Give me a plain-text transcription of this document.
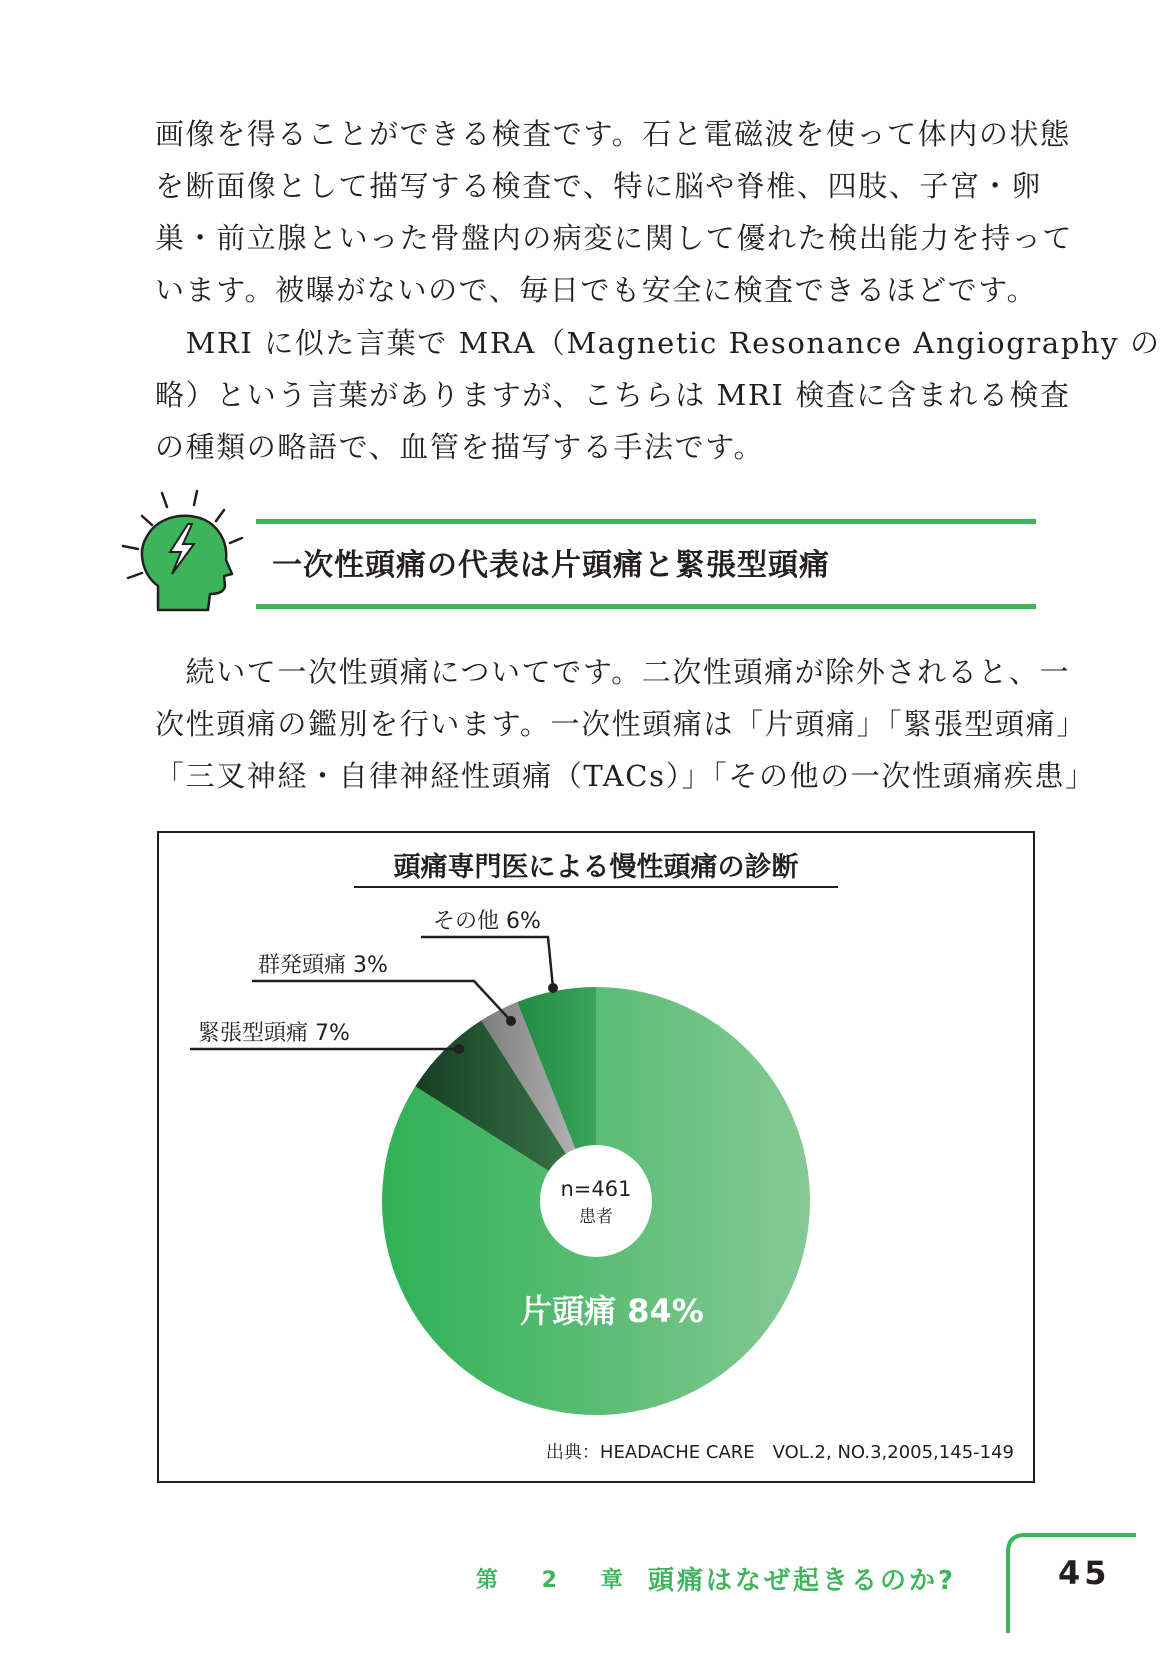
画像を得ることができる検査です。石と電磁波を使って体内の状態
を断面像として描写する検査で、特に脳や脊椎、四肢、子宮・卵
巣・前立腺といった骨盤内の病変に関して優れた検出能力を持って
います。被曝がないので、毎日でも安全に検査できるほどです。
　MRI に似た言葉で MRA（Magnetic Resonance Angiography の
略）という言葉がありますが、こちらは MRI 検査に含まれる検査
の種類の略語で、血管を描写する手法です。
一次性頭痛の代表は片頭痛と緊張型頭痛
　続いて一次性頭痛についてです。二次性頭痛が除外されると、一
次性頭痛の鑑別を行います。一次性頭痛は「片頭痛」「緊張型頭痛」
「三叉神経・自律神経性頭痛（TACs）」「その他の一次性頭痛疾患」
頭痛専門医による慢性頭痛の診断
n=461
患者
片頭痛 84%
その他 6%
群発頭痛 3%
緊張型頭痛 7%
出典：HEADACHE CARE　VOL.2, NO.3,2005,145-149
第 2 章 頭痛はなぜ起きるのか?	45
